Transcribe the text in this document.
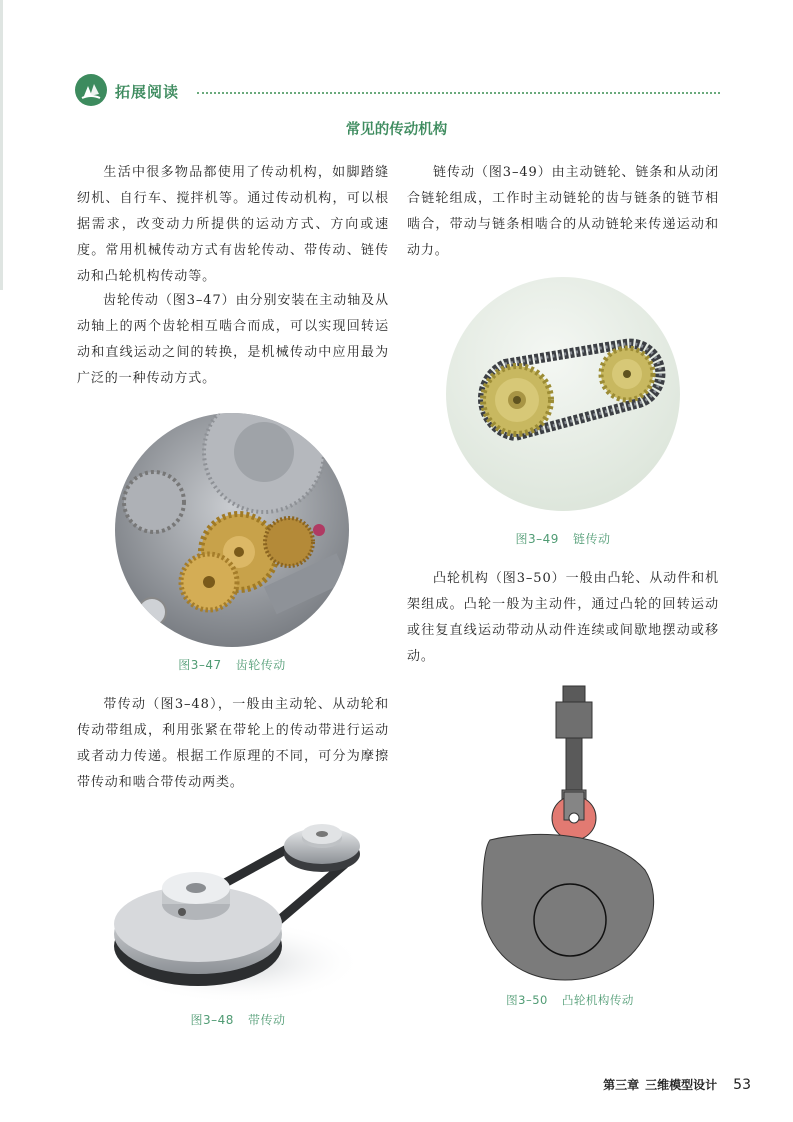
拓展阅读
常见的传动机构

生活中很多物品都使用了传动机构，如脚踏缝纫机、自行车、搅拌机等。通过传动机构，可以根据需求，改变动力所提供的运动方式、方向或速度。常用机械传动方式有齿轮传动、带传动、链传动和凸轮机构传动等。

齿轮传动（图3–47）由分别安装在主动轴及从动轴上的两个齿轮相互啮合而成，可以实现回转运动和直线运动之间的转换，是机械传动中应用最为广泛的一种传动方式。

图3–47 齿轮传动

带传动（图3–48），一般由主动轮、从动轮和传动带组成，利用张紧在带轮上的传动带进行运动或者动力传递。根据工作原理的不同，可分为摩擦带传动和啮合带传动两类。

图3–48 带传动

链传动（图3–49）由主动链轮、链条和从动闭合链轮组成，工作时主动链轮的齿与链条的链节相啮合，带动与链条相啮合的从动链轮来传递运动和动力。

图3–49 链传动

凸轮机构（图3–50）一般由凸轮、从动件和机架组成。凸轮一般为主动件，通过凸轮的回转运动或往复直线运动带动从动件连续或间歇地摆动或移动。

图3–50 凸轮机构传动
第三章 三维模型设计 53
